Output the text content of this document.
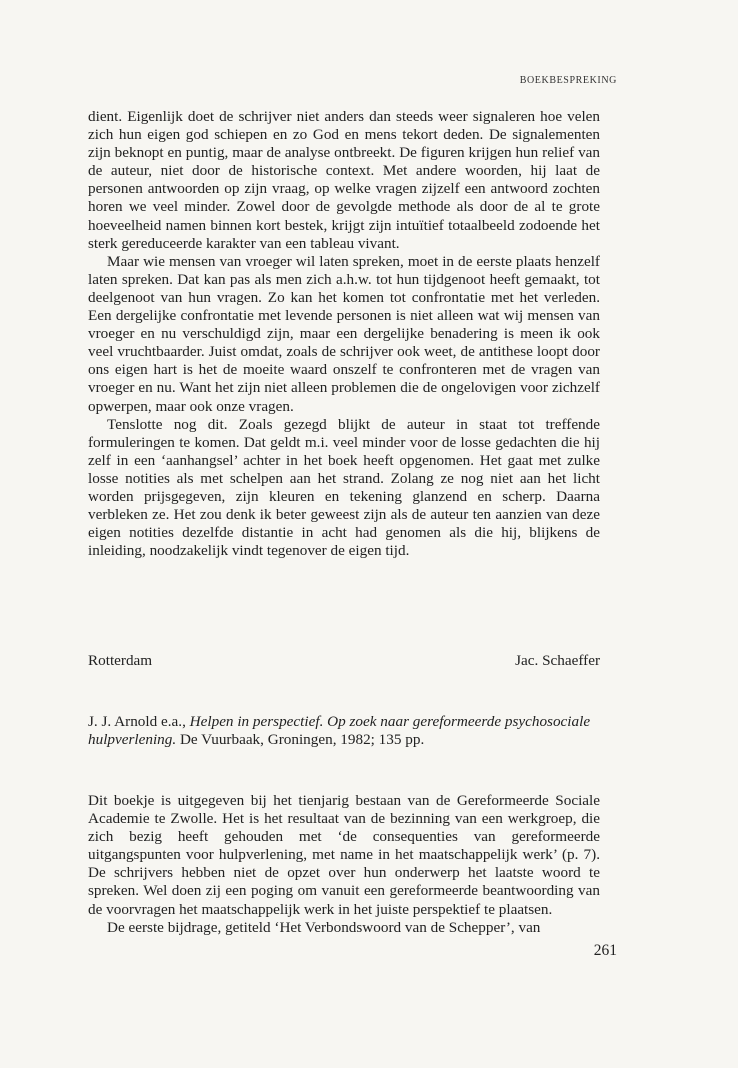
BOEKBESPREKING

dient. Eigenlijk doet de schrijver niet anders dan steeds weer signaleren hoe velen zich hun eigen god schiepen en zo God en mens tekort deden. De signalementen zijn beknopt en puntig, maar de analyse ontbreekt. De figuren krijgen hun relief van de auteur, niet door de historische context. Met andere woorden, hij laat de personen antwoorden op zijn vraag, op welke vragen zijzelf een antwoord zochten horen we veel minder. Zowel door de gevolgde methode als door de al te grote hoeveelheid namen binnen kort bestek, krijgt zijn intuïtief totaalbeeld zodoende het sterk gereduceerde karakter van een tableau vivant.

Maar wie mensen van vroeger wil laten spreken, moet in de eerste plaats henzelf laten spreken. Dat kan pas als men zich a.h.w. tot hun tijdgenoot heeft gemaakt, tot deelgenoot van hun vragen. Zo kan het komen tot confrontatie met het verleden. Een dergelijke confrontatie met levende personen is niet alleen wat wij mensen van vroeger en nu verschuldigd zijn, maar een dergelijke benadering is meen ik ook veel vruchtbaarder. Juist omdat, zoals de schrijver ook weet, de antithese loopt door ons eigen hart is het de moeite waard onszelf te confronteren met de vragen van vroeger en nu. Want het zijn niet alleen problemen die de ongelovigen voor zichzelf opwerpen, maar ook onze vragen.

Tenslotte nog dit. Zoals gezegd blijkt de auteur in staat tot treffende formuleringen te komen. Dat geldt m.i. veel minder voor de losse gedachten die hij zelf in een ‘aanhangsel’ achter in het boek heeft opgenomen. Het gaat met zulke losse notities als met schelpen aan het strand. Zolang ze nog niet aan het licht worden prijsgegeven, zijn kleuren en tekening glanzend en scherp. Daarna verbleken ze. Het zou denk ik beter geweest zijn als de auteur ten aanzien van deze eigen notities dezelfde distantie in acht had genomen als die hij, blijkens de inleiding, noodzakelijk vindt tegenover de eigen tijd.

Rotterdam	Jac. Schaeffer

J. J. Arnold e.a., Helpen in perspectief. Op zoek naar gereformeerde psychosociale hulpverlening. De Vuurbaak, Groningen, 1982; 135 pp.

Dit boekje is uitgegeven bij het tienjarig bestaan van de Gereformeerde Sociale Academie te Zwolle. Het is het resultaat van de bezinning van een werkgroep, die zich bezig heeft gehouden met ‘de consequenties van gereformeerde uitgangspunten voor hulpverlening, met name in het maatschappelijk werk’ (p. 7). De schrijvers hebben niet de opzet over hun onderwerp het laatste woord te spreken. Wel doen zij een poging om vanuit een gereformeerde beantwoording van de voorvragen het maatschappelijk werk in het juiste perspektief te plaatsen.

De eerste bijdrage, getiteld ‘Het Verbondswoord van de Schepper’, van

261
